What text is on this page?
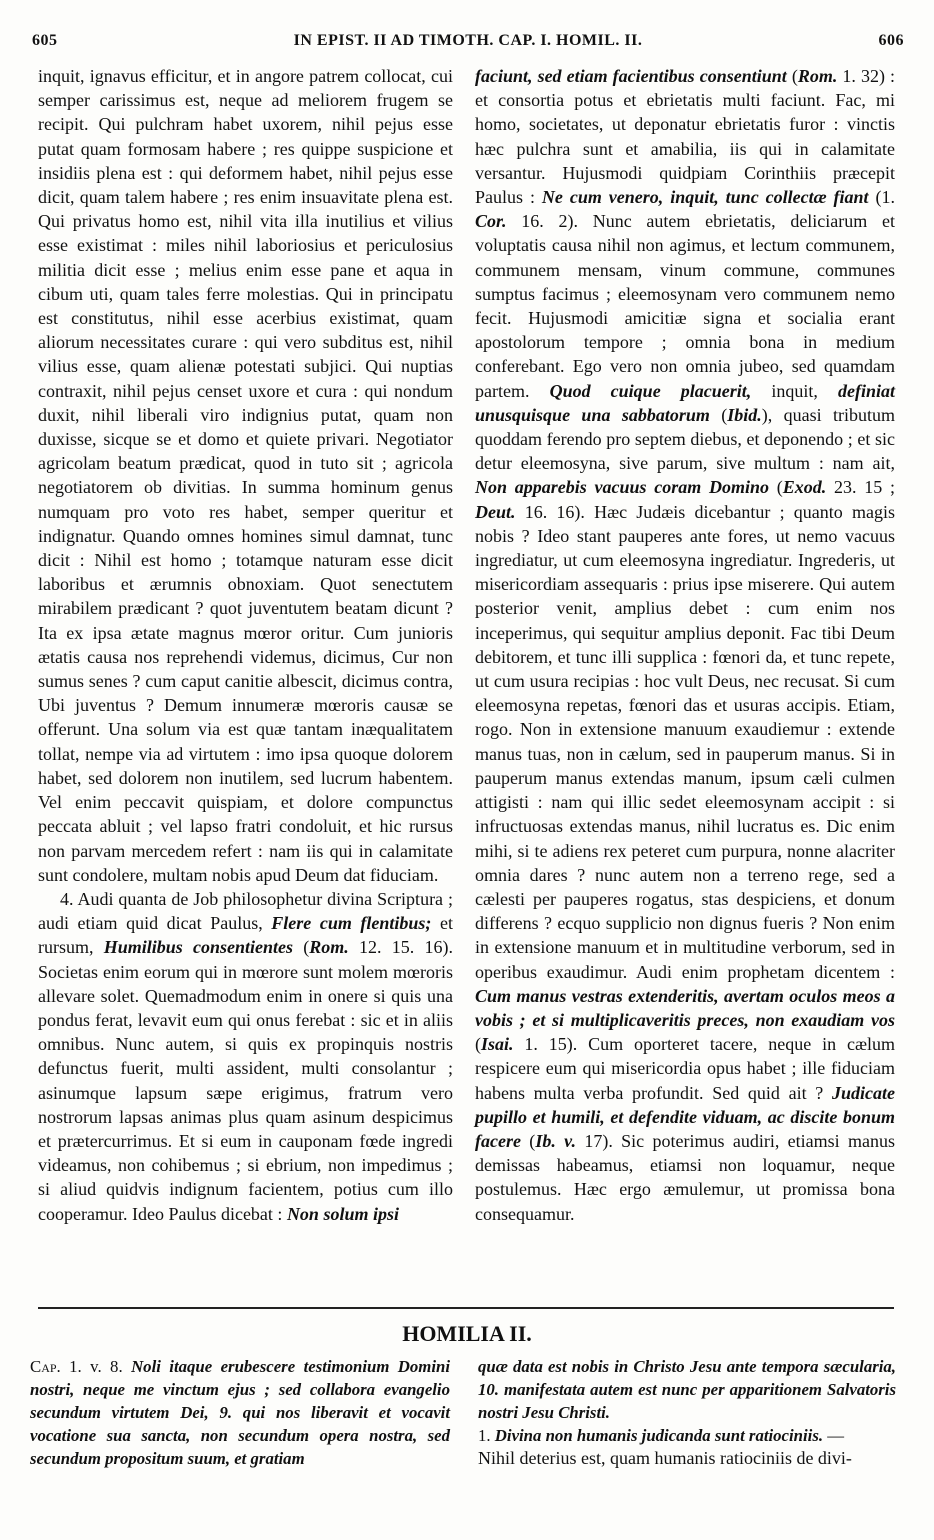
605	IN EPIST. II AD TIMOTH. CAP. I. HOMIL. II.	606

inquit, ignavus efficitur, et in angore patrem collocat, cui semper carissimus est, neque ad meliorem frugem se recipit. Qui pulchram habet uxorem, nihil pejus esse putat quam formosam habere ; res quippe suspicione et insidiis plena est : qui deformem habet, nihil pejus esse dicit, quam talem habere ; res enim insuavitate plena est. Qui privatus homo est, nihil vita illa inutilius et vilius esse existimat : miles nihil laboriosius et periculosius militia dicit esse ; melius enim esse pane et aqua in cibum uti, quam tales ferre molestias. Qui in principatu est constitutus, nihil esse acerbius existimat, quam aliorum necessitates curare : qui vero subditus est, nihil vilius esse, quam alienæ potestati subjici. Qui nuptias contraxit, nihil pejus censet uxore et cura : qui nondum duxit, nihil liberali viro indignius putat, quam non duxisse, sicque se et domo et quiete privari. Negotiator agricolam beatum prædicat, quod in tuto sit ; agricola negotiatorem ob divitias. In summa hominum genus numquam pro voto res habet, semper queritur et indignatur. Quando omnes homines simul damnat, tunc dicit : Nihil est homo ; totamque naturam esse dicit laboribus et ærumnis obnoxiam. Quot senectutem mirabilem prædicant ? quot juventutem beatam dicunt ? Ita ex ipsa ætate magnus mœror oritur. Cum junioris ætatis causa nos reprehendi videmus, dicimus, Cur non sumus senes ? cum caput canitie albescit, dicimus contra, Ubi juventus ? Demum innumeræ mœroris causæ se offerunt. Una solum via est quæ tantam inæqualitatem tollat, nempe via ad virtutem : imo ipsa quoque dolorem habet, sed dolorem non inutilem, sed lucrum habentem. Vel enim peccavit quispiam, et dolore compunctus peccata abluit ; vel lapso fratri condoluit, et hic rursus non parvam mercedem refert : nam iis qui in calamitate sunt condolere, multam nobis apud Deum dat fiduciam.

4. Audi quanta de Job philosophetur divina Scriptura ; audi etiam quid dicat Paulus, Flere cum flentibus; et rursum, Humilibus consentientes (Rom. 12. 15. 16). Societas enim eorum qui in mœrore sunt molem mœroris allevare solet. Quemadmodum enim in onere si quis una pondus ferat, levavit eum qui onus ferebat : sic et in aliis omnibus. Nunc autem, si quis ex propinquis nostris defunctus fuerit, multi assident, multi consolantur ; asinumque lapsum sæpe erigimus, fratrum vero nostrorum lapsas animas plus quam asinum despicimus et prætercurrimus. Et si eum in cauponam fœde ingredi videamus, non cohibemus ; si ebrium, non impedimus ; si aliud quidvis indignum facientem, potius cum illo cooperamur. Ideo Paulus dicebat : Non solum ipsi

faciunt, sed etiam facientibus consentiunt (Rom. 1. 32) : et consortia potus et ebrietatis multi faciunt. Fac, mi homo, societates, ut deponatur ebrietatis furor : vinctis hæc pulchra sunt et amabilia, iis qui in calamitate versantur. Hujusmodi quidpiam Corinthiis præcepit Paulus : Ne cum venero, inquit, tunc collectæ fiant (1. Cor. 16. 2). Nunc autem ebrietatis, deliciarum et voluptatis causa nihil non agimus, et lectum communem, communem mensam, vinum commune, communes sumptus facimus ; eleemosynam vero communem nemo fecit. Hujusmodi amicitiæ signa et socialia erant apostolorum tempore ; omnia bona in medium conferebant. Ego vero non omnia jubeo, sed quamdam partem. Quod cuique placuerit, inquit, definiat unusquisque una sabbatorum (Ibid.), quasi tributum quoddam ferendo pro septem diebus, et deponendo ; et sic detur eleemosyna, sive parum, sive multum : nam ait, Non apparebis vacuus coram Domino (Exod. 23. 15 ; Deut. 16. 16). Hæc Judæis dicebantur ; quanto magis nobis ? Ideo stant pauperes ante fores, ut nemo vacuus ingrediatur, ut cum eleemosyna ingrediatur. Ingrederis, ut misericordiam assequaris : prius ipse miserere. Qui autem posterior venit, amplius debet : cum enim nos inceperimus, qui sequitur amplius deponit. Fac tibi Deum debitorem, et tunc illi supplica : fœnori da, et tunc repete, ut cum usura recipias : hoc vult Deus, nec recusat. Si cum eleemosyna repetas, fœnori das et usuras accipis. Etiam, rogo. Non in extensione manuum exaudiemur : extende manus tuas, non in cælum, sed in pauperum manus. Si in pauperum manus extendas manum, ipsum cæli culmen attigisti : nam qui illic sedet eleemosynam accipit : si infructuosas extendas manus, nihil lucratus es. Dic enim mihi, si te adiens rex peteret cum purpura, nonne alacriter omnia dares ? nunc autem non a terreno rege, sed a cælesti per pauperes rogatus, stas despiciens, et donum differens ? ecquo supplicio non dignus fueris ? Non enim in extensione manuum et in multitudine verborum, sed in operibus exaudimur. Audi enim prophetam dicentem : Cum manus vestras extenderitis, avertam oculos meos a vobis ; et si multiplicaveritis preces, non exaudiam vos (Isai. 1. 15). Cum oporteret tacere, neque in cælum respicere eum qui misericordia opus habet ; ille fiduciam habens multa verba profundit. Sed quid ait ? Judicate pupillo et humili, et defendite viduam, ac discite bonum facere (Ib. v. 17). Sic poterimus audiri, etiamsi manus demissas habeamus, etiamsi non loquamur, neque postulemus. Hæc ergo æmulemur, ut promissa bona consequamur.

HOMILIA II.

Cap. 1. v. 8. Noli itaque erubescere testimonium Domini nostri, neque me vinctum ejus ; sed collabora evangelio secundum virtutem Dei, 9. qui nos liberavit et vocavit vocatione sua sancta, non secundum opera nostra, sed secundum propositum suum, et gratiam

quæ data est nobis in Christo Jesu ante tempora sæcularia, 10. manifestata autem est nunc per apparitionem Salvatoris nostri Jesu Christi.

1. Divina non humanis judicanda sunt ratiociniis. —

Nihil deterius est, quam humanis ratiociniis de divi-
